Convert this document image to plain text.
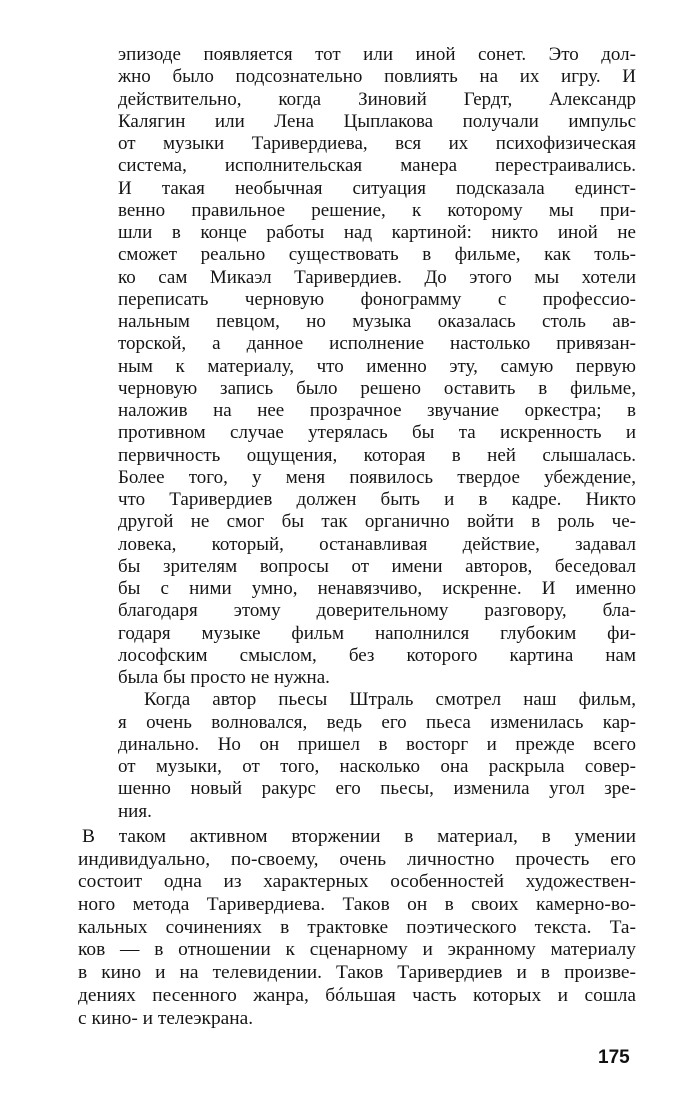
эпизоде появляется тот или иной сонет. Это дол-
жно было подсознательно повлиять на их игру. И
действительно, когда Зиновий Гердт, Александр
Калягин или Лена Цыплакова получали импульс
от музыки Таривердиева, вся их психофизическая
система, исполнительская манера перестраивались.
И такая необычная ситуация подсказала единст-
венно правильное решение, к которому мы при-
шли в конце работы над картиной: никто иной не
сможет реально существовать в фильме, как толь-
ко сам Микаэл Таривердиев. До этого мы хотели
переписать черновую фонограмму с профессио-
нальным певцом, но музыка оказалась столь ав-
торской, а данное исполнение настолько привязан-
ным к материалу, что именно эту, самую первую
черновую запись было решено оставить в фильме,
наложив на нее прозрачное звучание оркестра; в
противном случае утерялась бы та искренность и
первичность ощущения, которая в ней слышалась.
Более того, у меня появилось твердое убеждение,
что Таривердиев должен быть и в кадре. Никто
другой не смог бы так органично войти в роль че-
ловека, который, останавливая действие, задавал
бы зрителям вопросы от имени авторов, беседовал
бы с ними умно, ненавязчиво, искренне. И именно
благодаря этому доверительному разговору, бла-
годаря музыке фильм наполнился глубоким фи-
лософским смыслом, без которого картина нам
была бы просто не нужна.
Когда автор пьесы Штраль смотрел наш фильм,
я очень волновался, ведь его пьеса изменилась кар-
динально. Но он пришел в восторг и прежде всего
от музыки, от того, насколько она раскрыла совер-
шенно новый ракурс его пьесы, изменила угол зре-
ния.
В таком активном вторжении в материал, в умении
индивидуально, по-своему, очень личностно прочесть его
состоит одна из характерных особенностей художествен-
ного метода Таривердиева. Таков он в своих камерно-во-
кальных сочинениях в трактовке поэтического текста. Та-
ков — в отношении к сценарному и экранному материалу
в кино и на телевидении. Таков Таривердиев и в произве-
дениях песенного жанра, бóльшая часть которых и сошла
с кино- и телеэкрана.
175
